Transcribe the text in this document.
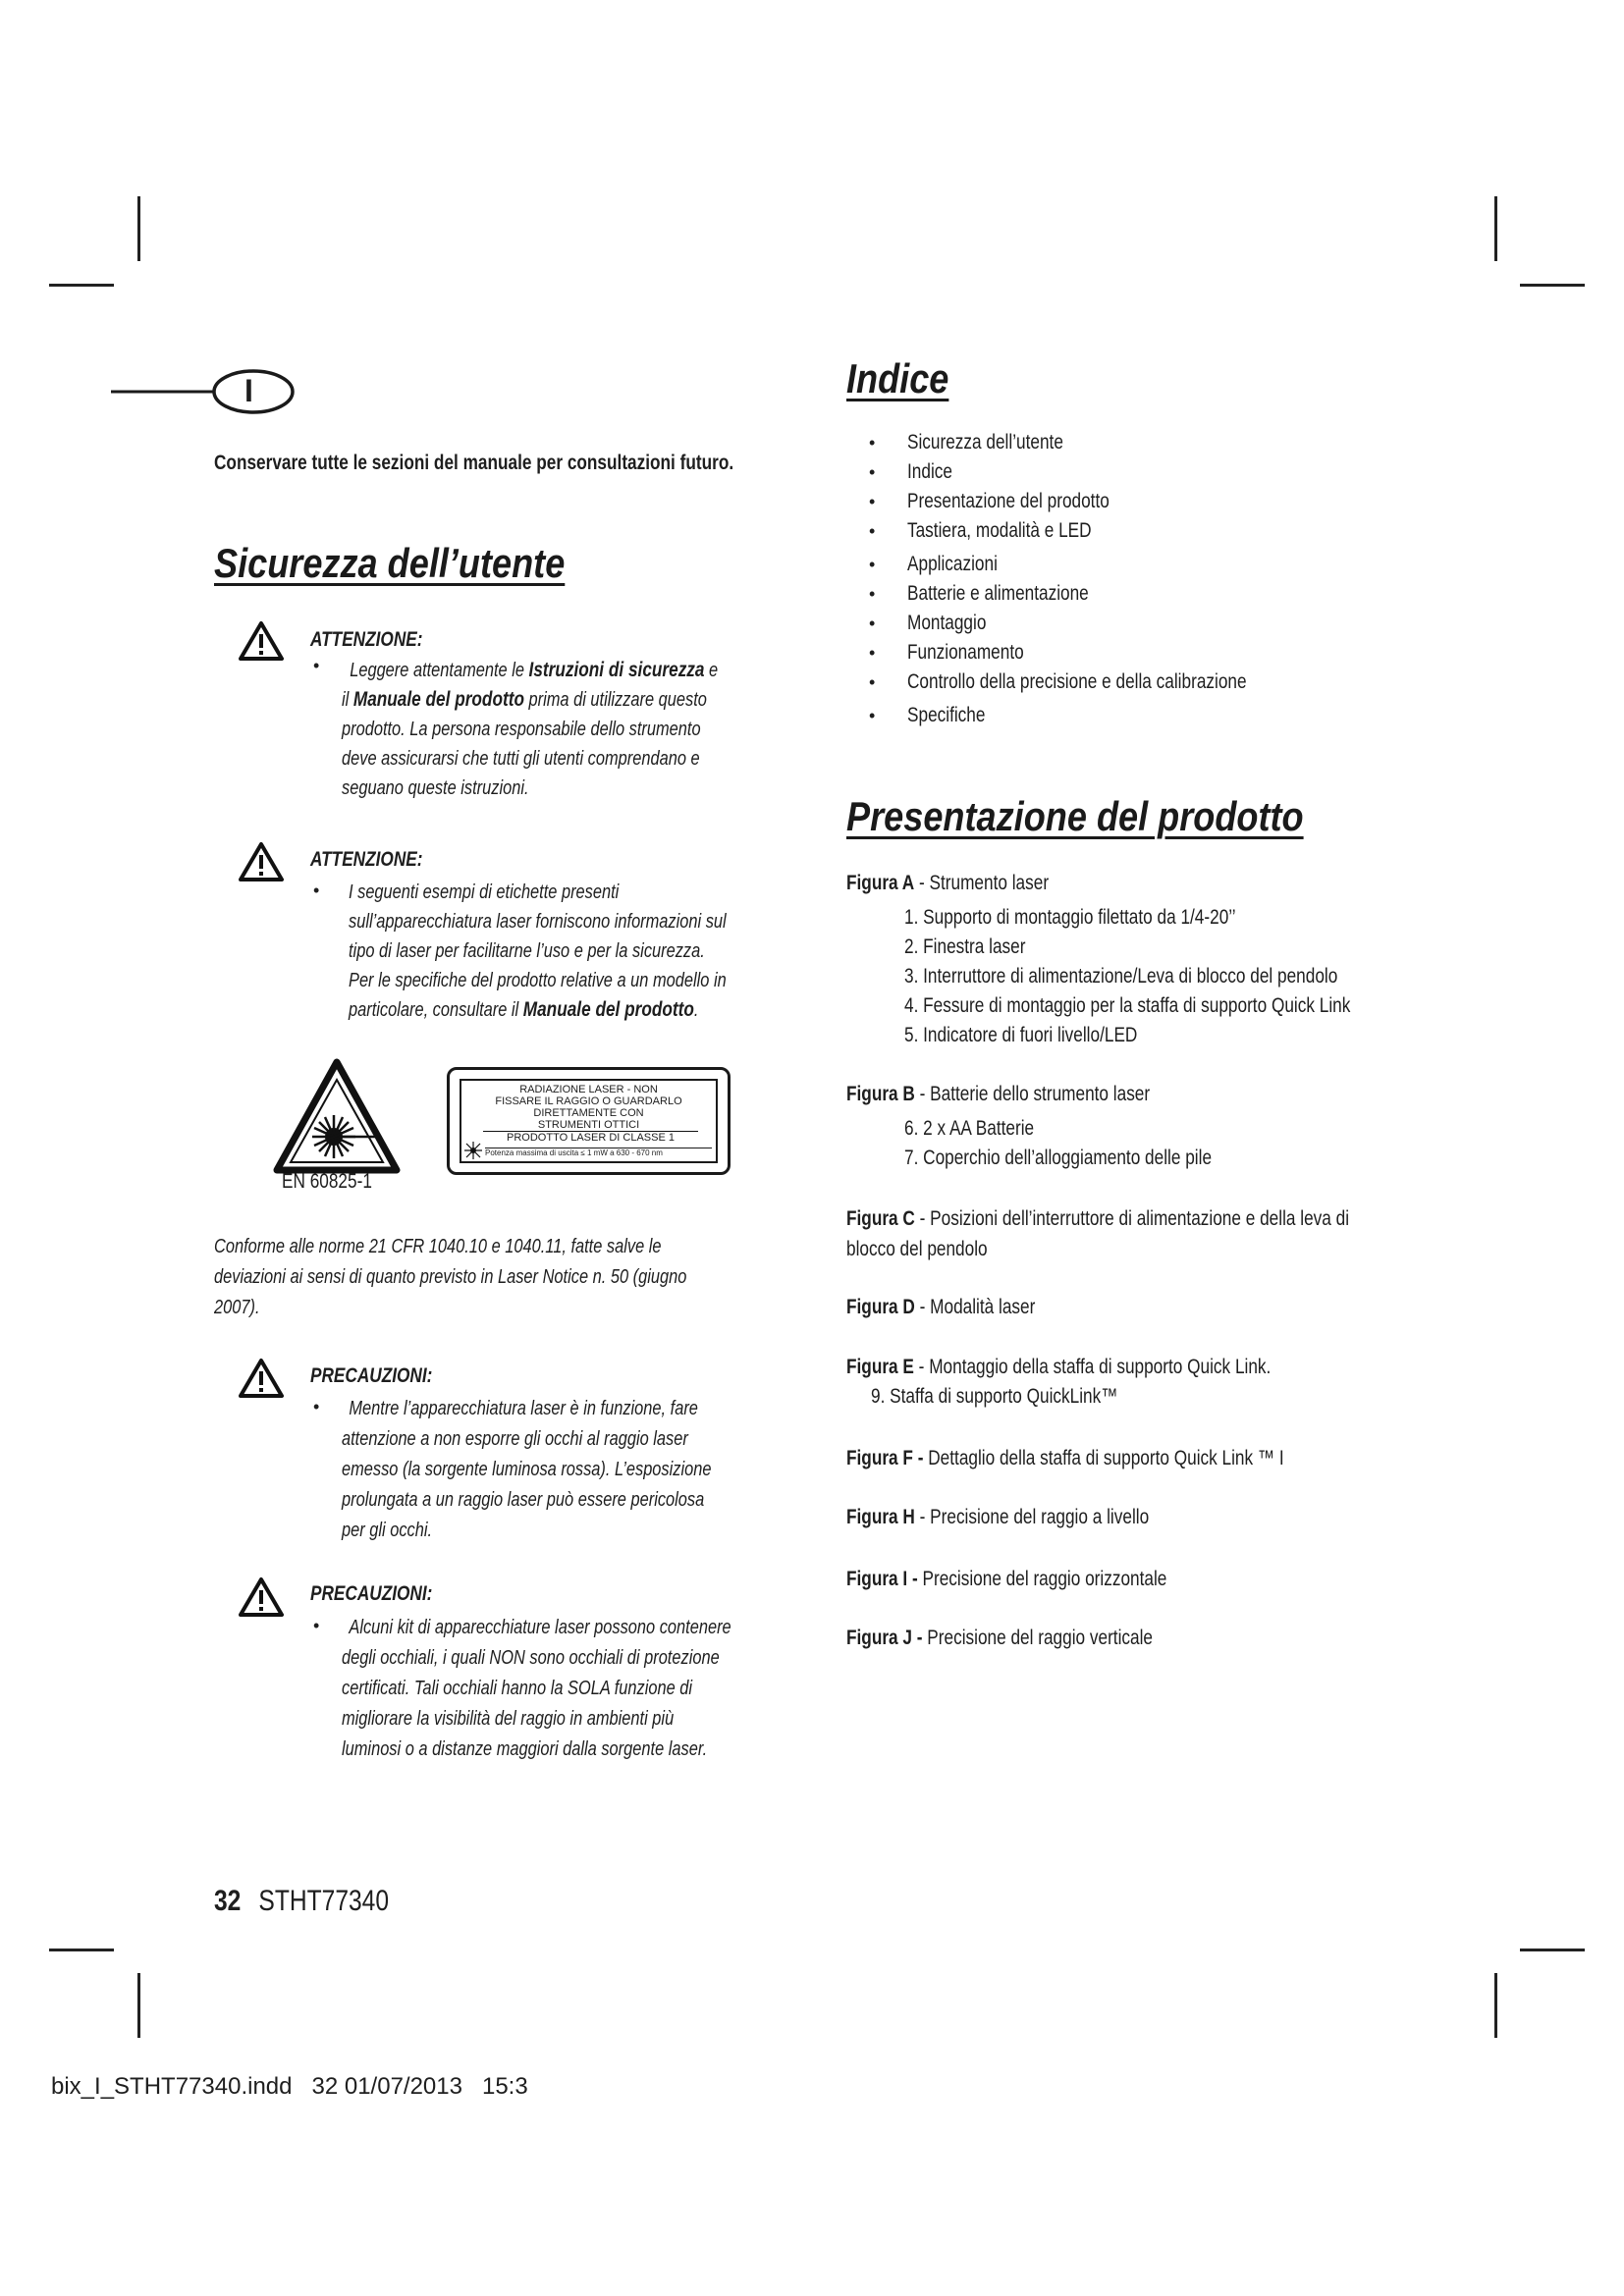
I
Conservare tutte le sezioni del manuale per consultazioni futuro.
Sicurezza dell’utente
ATTENZIONE:
•	Leggere attentamente le Istruzioni di sicurezza e
il Manuale del prodotto prima di utilizzare questo
prodotto. La persona responsabile dello strumento
deve assicurarsi che tutti gli utenti comprendano e
seguano queste istruzioni.
ATTENZIONE:
• I seguenti esempi di etichette presenti
sull’apparecchiatura laser forniscono informazioni sul
tipo di laser per facilitarne l’uso e per la sicurezza.
Per le specifiche del prodotto relative a un modello in
particolare, consultare il Manuale del prodotto.
EN 60825-1
RADIAZIONE LASER - NON
FISSARE IL RAGGIO O GUARDARLO
DIRETTAMENTE CON
STRUMENTI OTTICI
PRODOTTO LASER DI CLASSE 1
Potenza massima di uscita ≤ 1 mW a 630 - 670 nm
Conforme alle norme 21 CFR 1040.10 e 1040.11, fatte salve le
deviazioni ai sensi di quanto previsto in Laser Notice n. 50 (giugno
2007).
PRECAUZIONI:
•	Mentre l’apparecchiatura laser è in funzione, fare
attenzione a non esporre gli occhi al raggio laser
emesso (la sorgente luminosa rossa). L’esposizione
prolungata a un raggio laser può essere pericolosa
per gli occhi.
PRECAUZIONI:
•	Alcuni kit di apparecchiature laser possono contenere
degli occhiali, i quali NON sono occhiali di protezione
certificati. Tali occhiali hanno la SOLA funzione di
migliorare la visibilità del raggio in ambienti più
luminosi o a distanze maggiori dalla sorgente laser.
Indice
• Sicurezza dell’utente
• Indice
• Presentazione del prodotto
• Tastiera, modalità e LED
• Applicazioni
• Batterie e alimentazione
• Montaggio
• Funzionamento
• Controllo della precisione e della calibrazione
• Specifiche
Presentazione del prodotto
Figura A - Strumento laser
1. Supporto di montaggio filettato da 1/4-20’’
2. Finestra laser
3. Interruttore di alimentazione/Leva di blocco del pendolo
4. Fessure di montaggio per la staffa di supporto Quick Link
5. Indicatore di fuori livello/LED
Figura B - Batterie dello strumento laser
6. 2 x AA Batterie
7. Coperchio dell’alloggiamento delle pile
Figura C - Posizioni dell’interruttore di alimentazione e della leva di
blocco del pendolo
Figura D - Modalità laser
Figura E - Montaggio della staffa di supporto Quick Link.
9. Staffa di supporto QuickLink™
Figura F - Dettaglio della staffa di supporto Quick Link ™ I
Figura H - Precisione del raggio a livello
Figura I - Precisione del raggio orizzontale
Figura J - Precisione del raggio verticale
32 STHT77340
bix_I_STHT77340.indd   32 01/07/2013   15:3
